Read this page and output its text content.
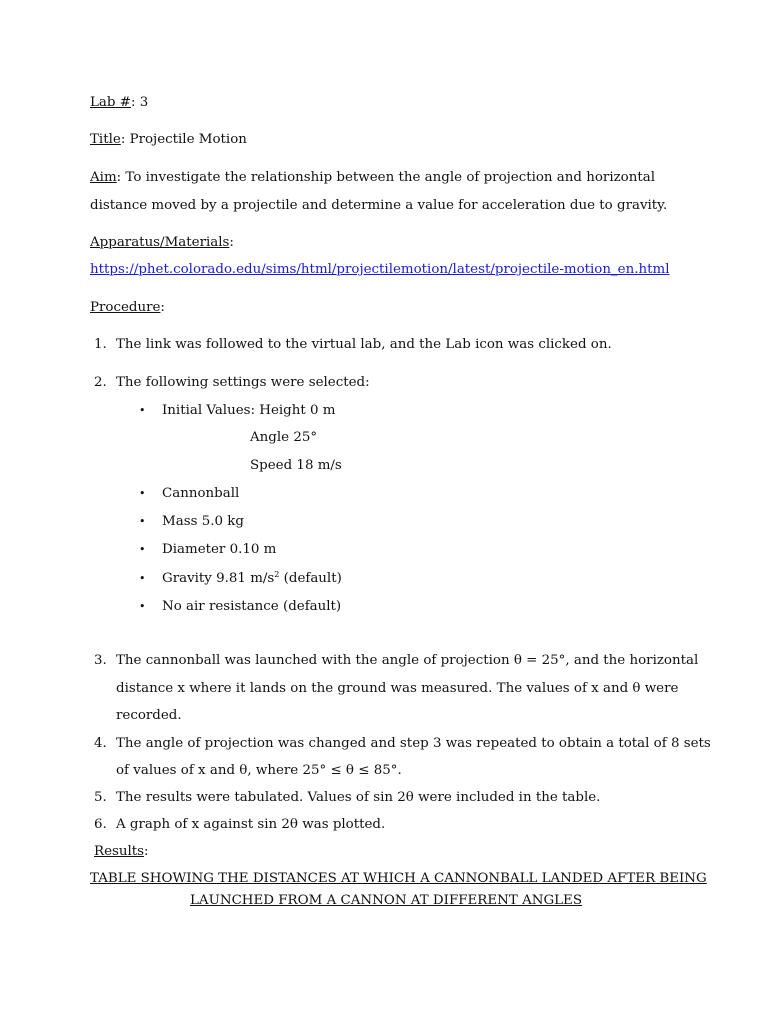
Lab #: 3
Title: Projectile Motion
Aim: To investigate the relationship between the angle of projection and horizontal
distance moved by a projectile and determine a value for acceleration due to gravity.
Apparatus/Materials:
https://phet.colorado.edu/sims/html/projectilemotion/latest/projectile-motion_en.html
Procedure:
1. The link was followed to the virtual lab, and the Lab icon was clicked on.
2. The following settings were selected:
• Initial Values: Height 0 m
Angle 25°
Speed 18 m/s
• Cannonball
• Mass 5.0 kg
• Diameter 0.10 m
• Gravity 9.81 $m/s^2$ (default)
• No air resistance (default)
3. The cannonball was launched with the angle of projection θ = 25°, and the horizontal
distance x where it lands on the ground was measured. The values of x and θ were
recorded.
4. The angle of projection was changed and step 3 was repeated to obtain a total of 8 sets
of values of x and θ, where 25° ≤ θ ≤ 85°.
5. The results were tabulated. Values of sin 2θ were included in the table.
6. A graph of x against sin 2θ was plotted.
Results:
TABLE SHOWING THE DISTANCES AT WHICH A CANNONBALL LANDED AFTER BEING
LAUNCHED FROM A CANNON AT DIFFERENT ANGLES
